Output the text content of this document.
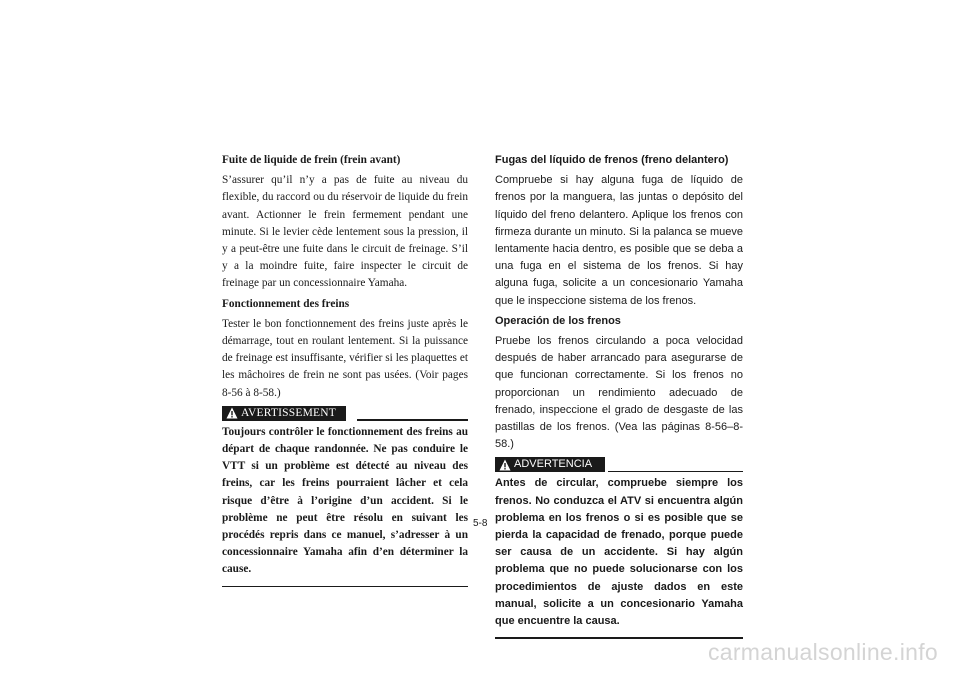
Fuite de liquide de frein (frein avant)
S’assurer qu’il n’y a pas de fuite au niveau du flexible, du raccord ou du réservoir de liquide du frein avant. Actionner le frein fermement pendant une minute. Si le levier cède lentement sous la pression, il y a peut-être une fuite dans le circuit de freinage. S’il y a la moindre fuite, faire inspecter le circuit de freinage par un concessionnaire Yamaha.
Fonctionnement des freins
Tester le bon fonctionnement des freins juste après le démarrage, tout en roulant lentement. Si la puissance de freinage est insuffisante, vérifier si les plaquettes et les mâchoires de frein ne sont pas usées. (Voir pages 8-56 à 8-58.)
AVERTISSEMENT
Toujours contrôler le fonctionnement des freins au départ de chaque randonnée. Ne pas conduire le VTT si un problème est détecté au niveau des freins, car les freins pourraient lâcher et cela risque d’être à l’origine d’un accident. Si le problème ne peut être résolu en suivant les procédés repris dans ce manuel, s’adresser à un concessionnaire Yamaha afin d’en déterminer la cause.
Fugas del líquido de frenos (freno delantero)
Compruebe si hay alguna fuga de líquido de frenos por la manguera, las juntas o depósito del líquido del freno delantero. Aplique los frenos con firmeza durante un minuto. Si la palanca se mueve lentamente hacia dentro, es posible que se deba a una fuga en el sistema de los frenos. Si hay alguna fuga, solicite a un concesionario Yamaha que le inspeccione sistema de los frenos.
Operación de los frenos
Pruebe los frenos circulando a poca velocidad después de haber arrancado para asegurarse de que funcionan correctamente. Si los frenos no proporcionan un rendimiento adecuado de frenado, inspeccione el grado de desgaste de las pastillas de los frenos. (Vea las páginas 8-56–8-58.)
ADVERTENCIA
Antes de circular, compruebe siempre los frenos. No conduzca el ATV si encuentra algún problema en los frenos o si es posible que se pierda la capacidad de frenado, porque puede ser causa de un accidente. Si hay algún problema que no puede solucionarse con los procedimientos de ajuste dados en este manual, solicite a un concesionario Yamaha que encuentre la causa.
5-8
carmanualsonline.info
